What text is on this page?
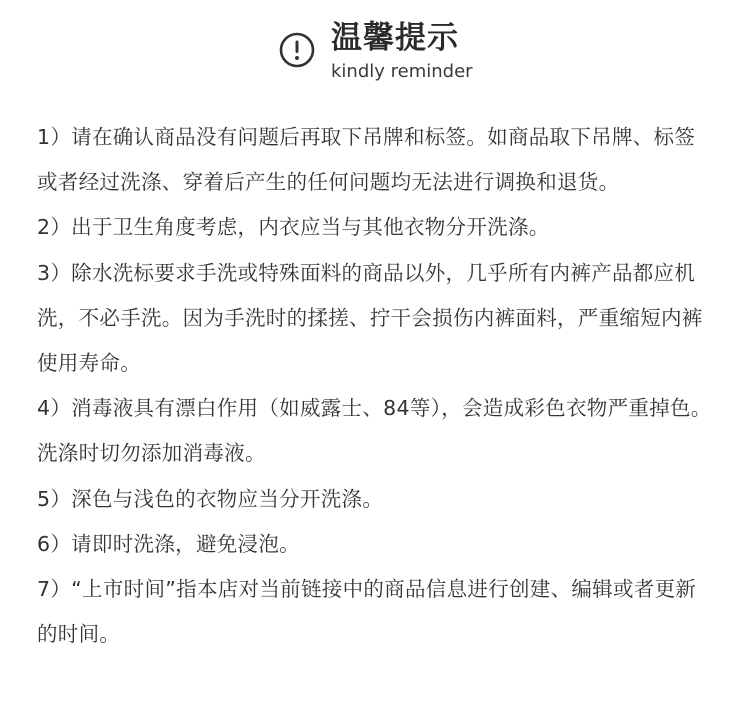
温馨提示
kindly reminder
1）请在确认商品没有问题后再取下吊牌和标签。如商品取下吊牌、标签或者经过洗涤、穿着后产生的任何问题均无法进行调换和退货。
2）出于卫生角度考虑，内衣应当与其他衣物分开洗涤。
3）除水洗标要求手洗或特殊面料的商品以外，几乎所有内裤产品都应机洗，不必手洗。因为手洗时的揉搓、拧干会损伤内裤面料，严重缩短内裤使用寿命。
4）消毒液具有漂白作用（如威露士、84等），会造成彩色衣物严重掉色。洗涤时切勿添加消毒液。
5）深色与浅色的衣物应当分开洗涤。
6）请即时洗涤，避免浸泡。
7）“上市时间”指本店对当前链接中的商品信息进行创建、编辑或者更新的时间。
